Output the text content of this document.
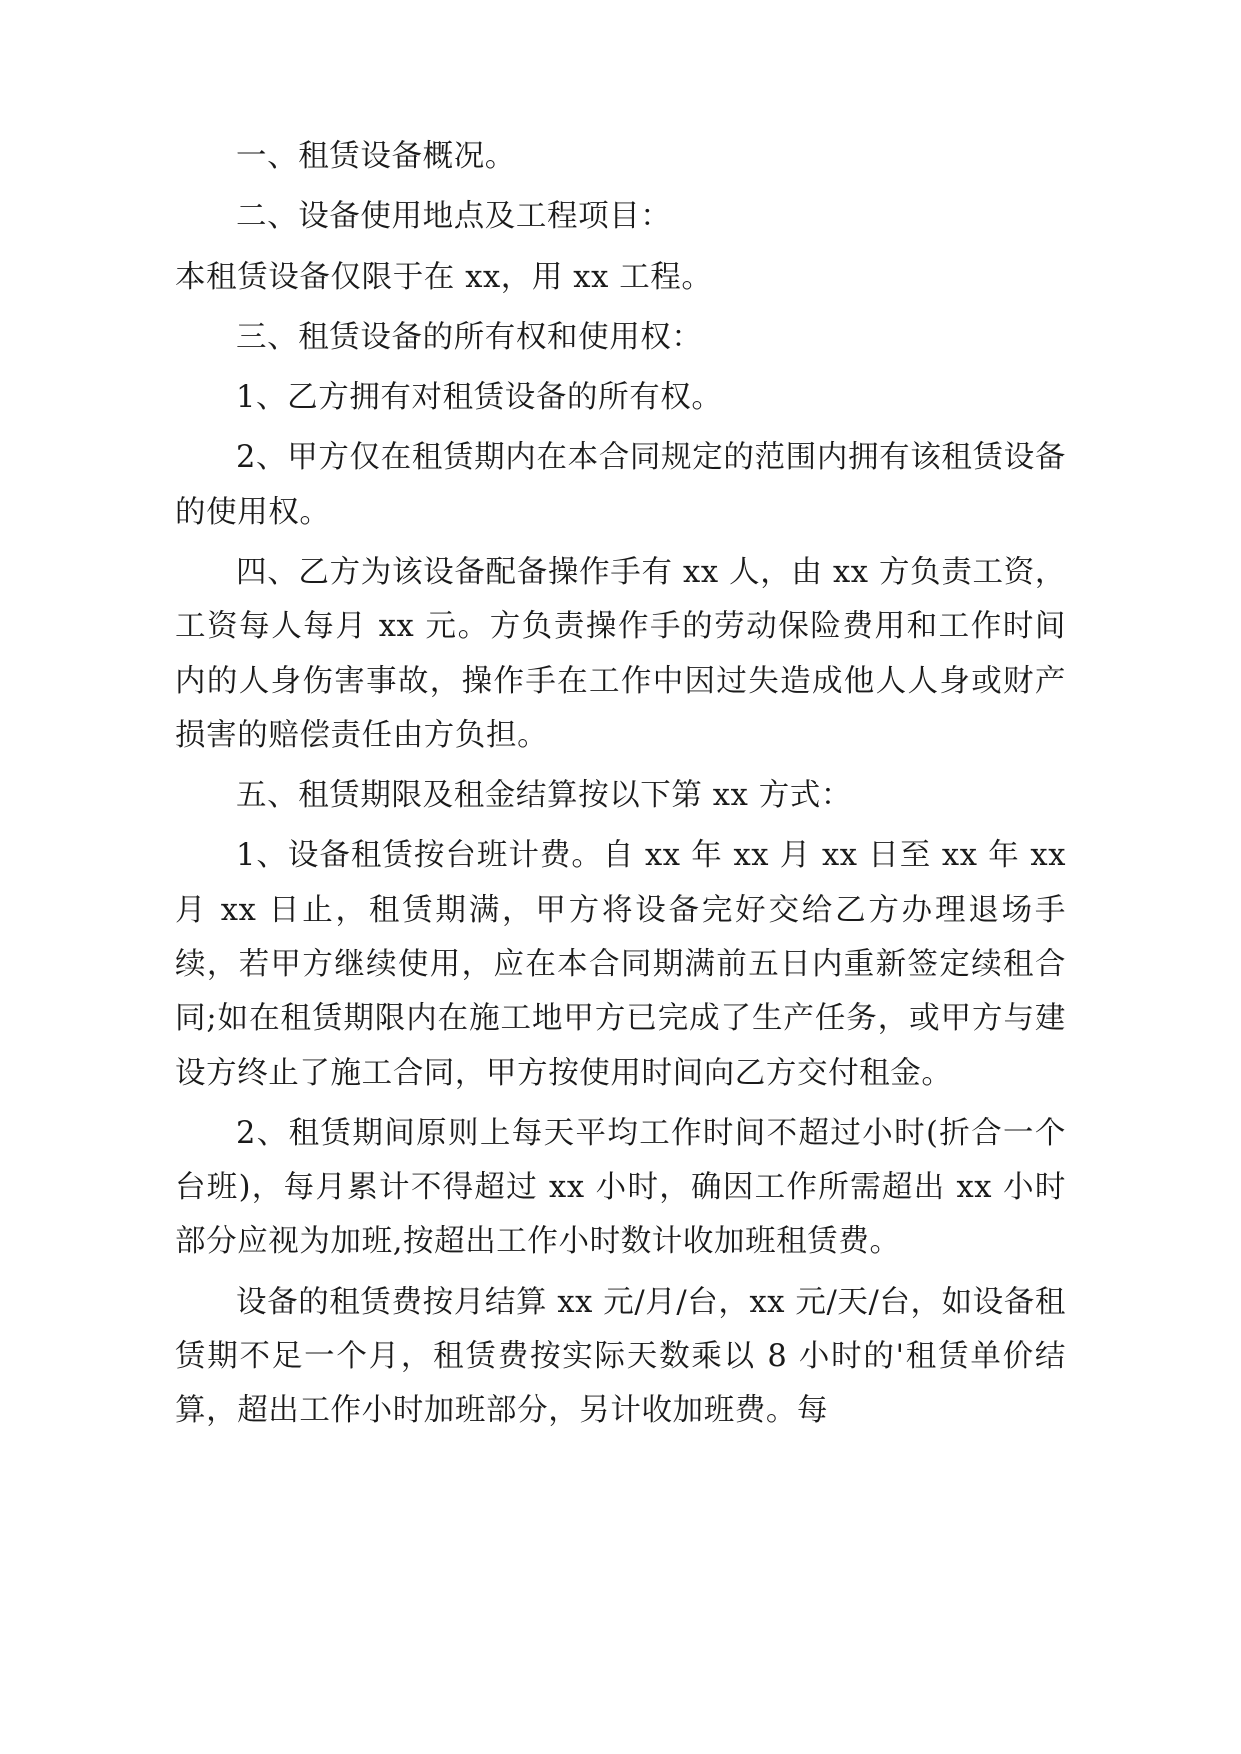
一、租赁设备概况。

二、设备使用地点及工程项目：

本租赁设备仅限于在 xx，用 xx 工程。

三、租赁设备的所有权和使用权：

1、乙方拥有对租赁设备的所有权。

2、甲方仅在租赁期内在本合同规定的范围内拥有该租赁设备的使用权。

四、乙方为该设备配备操作手有 xx 人，由 xx 方负责工资，工资每人每月 xx 元。方负责操作手的劳动保险费用和工作时间内的人身伤害事故，操作手在工作中因过失造成他人人身或财产损害的赔偿责任由方负担。

五、租赁期限及租金结算按以下第 xx 方式：

1、设备租赁按台班计费。自 xx 年 xx 月 xx 日至 xx 年 xx 月 xx 日止，租赁期满，甲方将设备完好交给乙方办理退场手续，若甲方继续使用，应在本合同期满前五日内重新签定续租合同;如在租赁期限内在施工地甲方已完成了生产任务，或甲方与建设方终止了施工合同，甲方按使用时间向乙方交付租金。

2、租赁期间原则上每天平均工作时间不超过小时(折合一个台班)，每月累计不得超过 xx 小时，确因工作所需超出 xx 小时部分应视为加班,按超出工作小时数计收加班租赁费。

设备的租赁费按月结算 xx 元/月/台，xx 元/天/台，如设备租赁期不足一个月，租赁费按实际天数乘以 8 小时的'租赁单价结算，超出工作小时加班部分，另计收加班费。每
